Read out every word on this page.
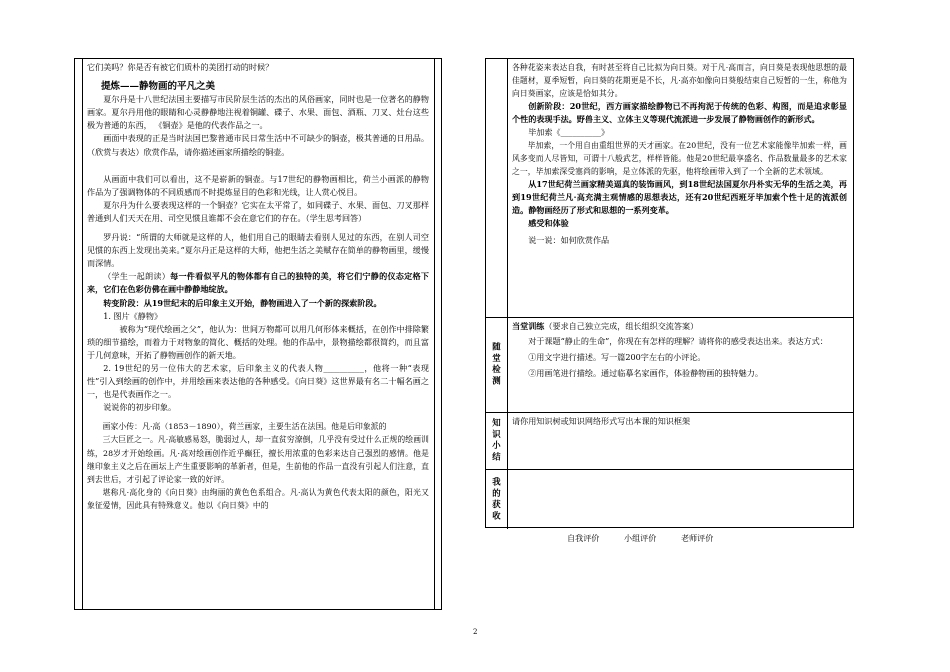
它们美吗？你是否有被它们质朴的美团打动的时候？

提炼——静物画的平凡之美

夏尔丹是十八世纪法国主要描写市民阶层生活的杰出的风俗画家，同时也是一位著名的静物画家。夏尔丹用他的眼睛和心灵静静地注视着铜罐、碟子、水果、面包、酒瓶、刀叉、灶台这些极为普通的东西， 《铜壶》是他的代表作品之一。

画面中表现的正是当时法国巴黎普通市民日常生活中不可缺少的铜壶，极其普通的日用品。（欣赏与表达）欣赏作品，请你描述画家所描绘的铜壶。

从画面中我们可以看出，这不是崭新的铜壶。与17世纪的静物画相比，荷兰小画派的静物作品为了强调物体的不同质感而不时提炼显目的色彩和光线，让人赏心悦目。

夏尔丹为什么要表现这样的一个铜壶？它实在太平常了，如同碟子、水果、面包、刀叉那样普通到人们天天在用、司空见惯且谁都不会在意它们的存在。（学生思考回答）

罗丹说：“所谓的大师就是这样的人，他们用自己的眼睛去看别人见过的东西，在别人司空见惯的东西上发现出美来。”夏尔丹正是这样的大师，他把生活之美赋存在简单的静物画里，缓慢而深情。

（学生一起朗读）每一件看似平凡的物体都有自己的独特的美，将它们宁静的仪态定格下来，它们在色彩仿佛在画中静静地绽放。

转变阶段：从19世纪末的后印象主义开始，静物画进入了一个新的探索阶段。

1. 图片《静物》

被称为“现代绘画之父”，他认为：世间万物都可以用几何形体来概括，在创作中排除繁琐的细节描绘，而着力于对物象的简化、概括的处理。他的作品中，景物描绘都很简约，而且富于几何意味，开拓了静物画创作的新天地。

2. 19世纪的另一位伟大的艺术家，后印象主义的代表人物__________，他将一种“表现性”引入到绘画的创作中，并用绘画来表达他的各种感受。《向日葵》这世界最有名二十幅名画之一，也是代表画作之一。

说说你的初步印象。

画家小传：凡·高（1853－1890），荷兰画家，主要生活在法国。他是后印象派的

三大巨匠之一。凡·高敏感易怒，脆弱过人，却一直贫穷潦倒，几乎没有受过什么正规的绘画训练，28岁才开始绘画。凡·高对绘画创作近乎癫狂，擅长用浓重的色彩来达自己强烈的感情。他是继印象主义之后在画坛上产生重要影响的革新者，但是，生前他的作品一直没有引起人们注意，直到去世后，才引起了评论家一致的好评。

堪称凡·高化身的《向日葵》由绚丽的黄色色系组合。凡·高认为黄色代表太阳的颜色，阳光又象征爱情，因此具有特殊意义。他以《向日葵》中的

各种花姿来表达自我，有时甚至将自己比拟为向日葵。对于凡·高而言，向日葵是表现他思想的最佳题材，夏季短暂，向日葵的花期更是不长，凡·高亦如像向日葵般结束自己短暂的一生，称他为向日葵画家，应该是恰如其分。

创新阶段：20世纪，西方画家描绘静物已不再拘泥于传统的色彩、构图，而是追求彰显个性的表现手法。野兽主义、立体主义等现代流派进一步发展了静物画创作的新形式。

毕加索《__________》

毕加索，一个用自由重组世界的天才画家。在20世纪，没有一位艺术家能像毕加索一样，画风多变而人尽皆知，可谓十八般武艺，样样皆能。他是20世纪最享盛名、作品数量最多的艺术家之一，毕加索深受塞尚的影响，是立体派的先驱，他将绘画带入到了一个全新的艺术领域。

从17世纪荷兰画家精美逼真的装饰画风，到18世纪法国夏尔丹朴实无华的生活之美，再到19世纪荷兰凡·高充满主观情感的思想表达，还有20世纪西班牙毕加索个性十足的流派创造。静物画经历了形式和思想的一系列变革。

感受和体验

说一说：如何欣赏作品

随堂检测

当堂训练（要求自己独立完成，组长组织交流答案）

对于课题“静止的生命”，你现在有怎样的理解？请将你的感受表达出来。表达方式：

①用文字进行描述。写一篇200字左右的小评论。

②用画笔进行描绘。通过临摹名家画作，体验静物画的独特魅力。

知识小结 请你用知识树或知识网络形式写出本课的知识框架

我的获收
自我评价	小组评价	老师评价
2
